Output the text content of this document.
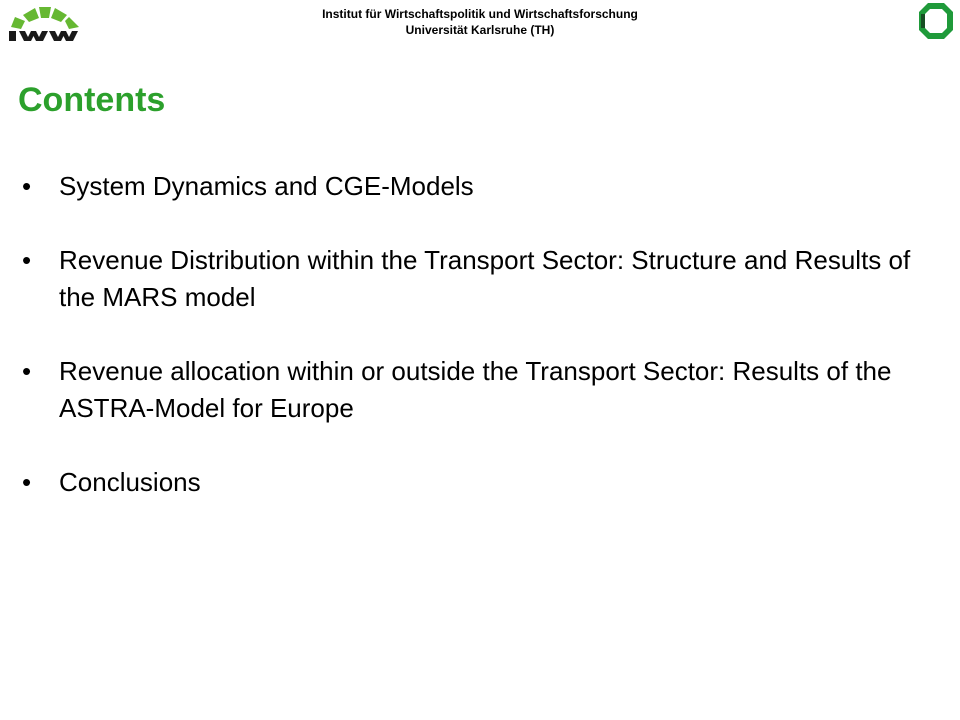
Institut für Wirtschaftspolitik und Wirtschaftsforschung
Universität Karlsruhe (TH)
Contents
• System Dynamics and CGE-Models
• Revenue Distribution within the Transport Sector: Structure and Results of the MARS model
• Revenue allocation within or outside the Transport Sector: Results of the ASTRA-Model for Europe
• Conclusions
